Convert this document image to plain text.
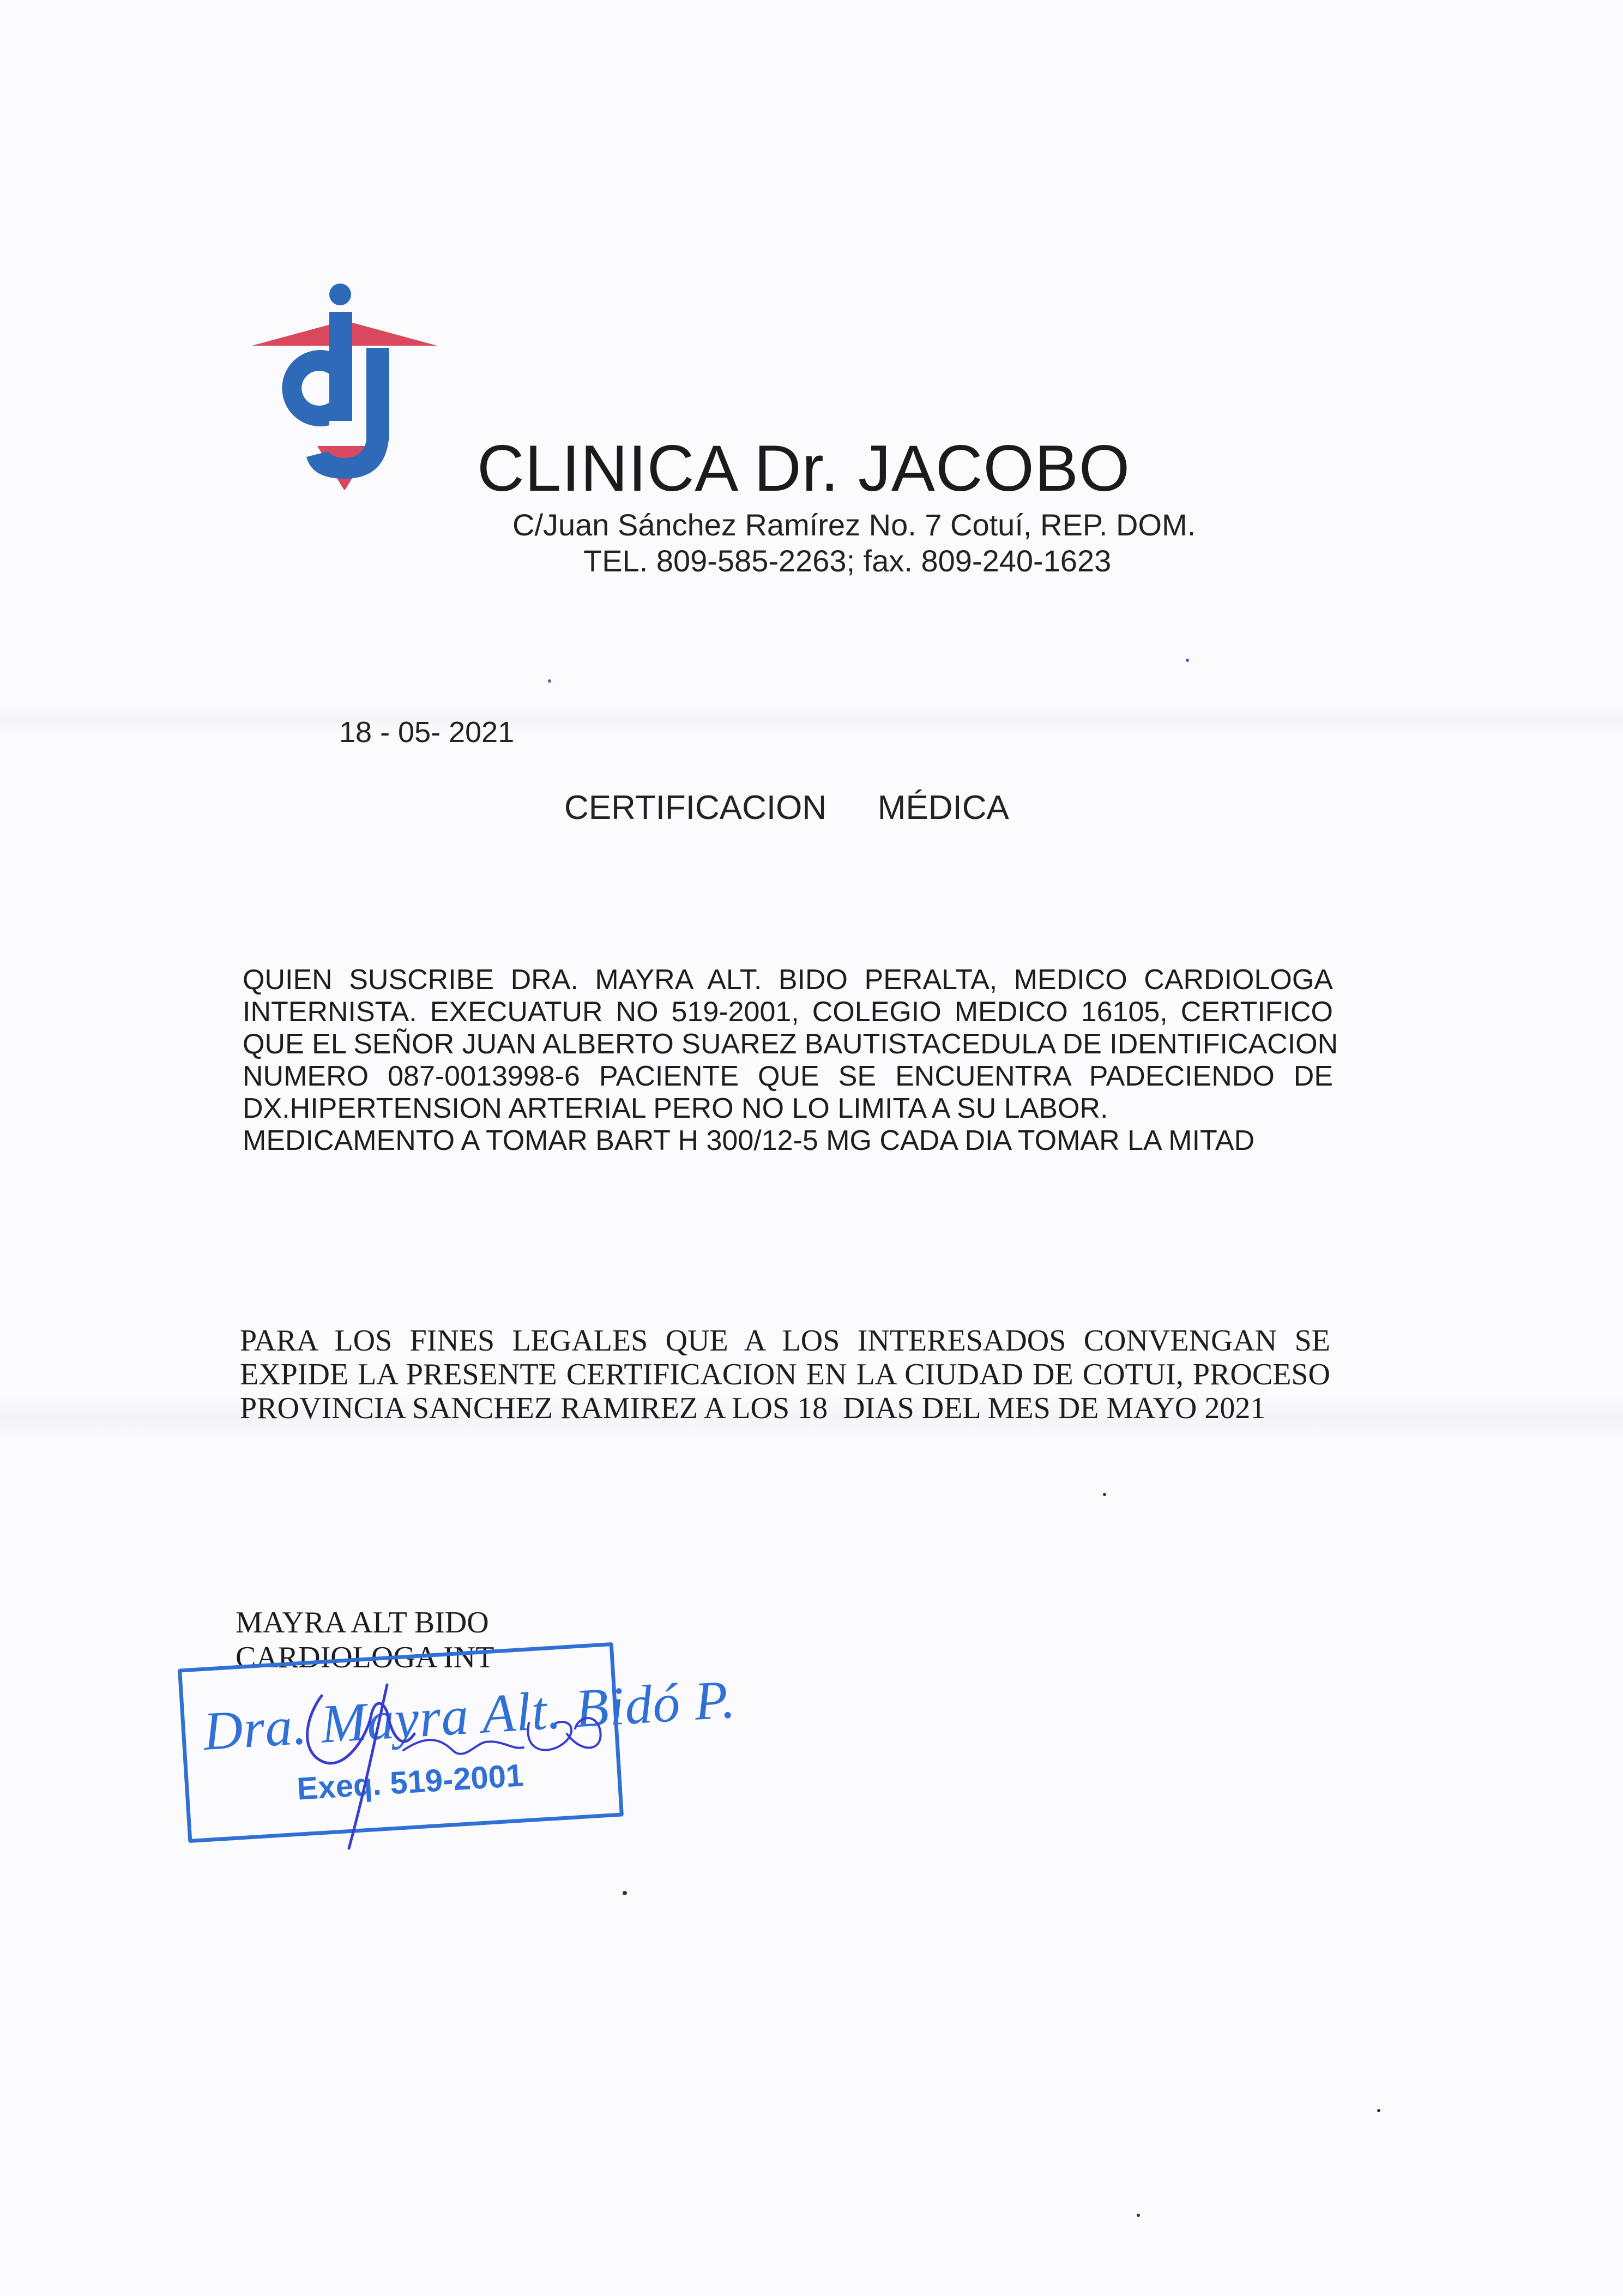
CLINICA Dr. JACOBO
C/Juan Sánchez Ramírez No. 7 Cotuí, REP. DOM.
TEL. 809-585-2263; fax. 809-240-1623
18 - 05- 2021
CERTIFICACION   MÉDICA
QUIEN SUSCRIBE DRA. MAYRA ALT. BIDO PERALTA, MEDICO CARDIOLOGA
INTERNISTA. EXECUATUR NO 519-2001, COLEGIO MEDICO 16105, CERTIFICO
QUE EL SEÑOR JUAN ALBERTO SUAREZ BAUTISTACEDULA DE IDENTIFICACION
NUMERO 087-0013998-6 PACIENTE QUE SE ENCUENTRA PADECIENDO DE
DX.HIPERTENSION ARTERIAL PERO NO LO LIMITA A SU LABOR.
MEDICAMENTO A TOMAR BART H 300/12-5 MG CADA DIA TOMAR LA MITAD
PARA LOS FINES LEGALES QUE A LOS INTERESADOS CONVENGAN SE
EXPIDE LA PRESENTE CERTIFICACION EN LA CIUDAD DE COTUI, PROCESO
PROVINCIA SANCHEZ RAMIREZ A LOS 18  DIAS DEL MES DE MAYO 2021
MAYRA ALT BIDO
CARDIOLOGA INT
Dra. Mayra Alt. Bidó P.
Exeq. 519-2001
